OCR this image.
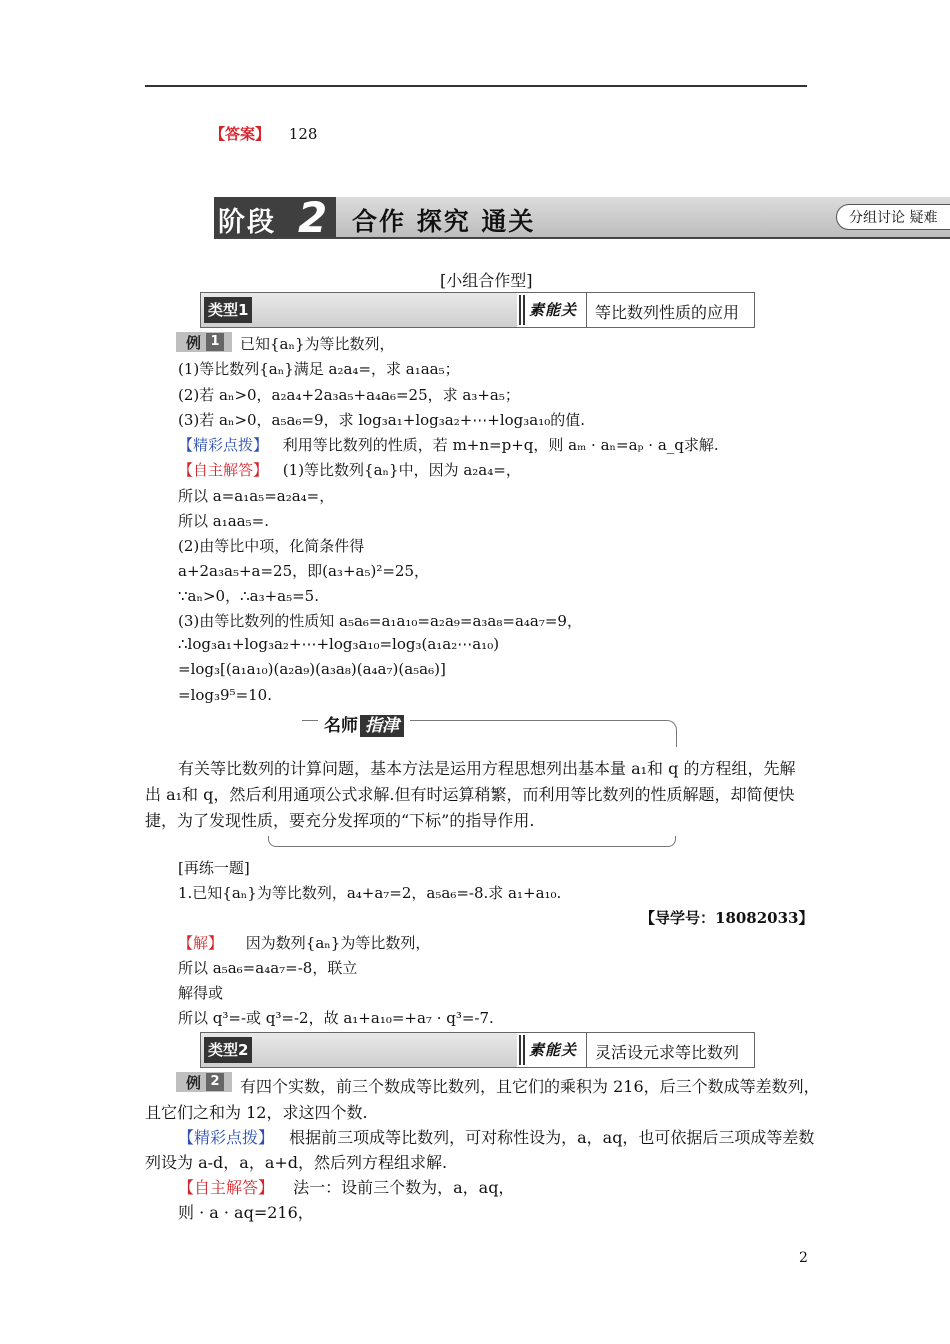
【答案】 128
阶段 2 合作 探究 通关	分组讨论 疑难
[小组合作型]
类型1	素能关 等比数列性质的应用
例 1 已知{aₙ}为等比数列，
(1)等比数列{aₙ}满足 a₂a₄=，求 a₁aa₅；
(2)若 aₙ>0，a₂a₄+2a₃a₅+a₄a₆=25，求 a₃+a₅；
(3)若 aₙ>0，a₅a₆=9，求 log₃a₁+log₃a₂+⋯+log₃a₁₀的值.
【精彩点拨】 利用等比数列的性质，若 m+n=p+q，则 aₘ · aₙ=aₚ · a_q求解.
【自主解答】 (1)等比数列{aₙ}中，因为 a₂a₄=，
所以 a=a₁a₅=a₂a₄=，
所以 a₁aa₅=.
(2)由等比中项，化简条件得
a+2a₃a₅+a=25，即(a₃+a₅)²=25，
∵aₙ>0，∴a₃+a₅=5.
(3)由等比数列的性质知 a₅a₆=a₁a₁₀=a₂a₉=a₃a₈=a₄a₇=9，
∴log₃a₁+log₃a₂+⋯+log₃a₁₀=log₃(a₁a₂⋯a₁₀)
=log₃[(a₁a₁₀)(a₂a₉)(a₃a₈)(a₄a₇)(a₅a₆)]
=log₃9⁵=10.
名师 指津
有关等比数列的计算问题，基本方法是运用方程思想列出基本量 a₁和 q 的方程组，先解
出 a₁和 q，然后利用通项公式求解.但有时运算稍繁，而利用等比数列的性质解题，却简便快
捷，为了发现性质，要充分发挥项的“下标”的指导作用.
[再练一题]
1.已知{aₙ}为等比数列，a₄+a₇=2，a₅a₆=-8.求 a₁+a₁₀.
【导学号：18082033】
【解】 因为数列{aₙ}为等比数列，
所以 a₅a₆=a₄a₇=-8，联立
解得或
所以 q³=-或 q³=-2，故 a₁+a₁₀=+a₇ · q³=-7.
类型2	素能关 灵活设元求等比数列
例 2 有四个实数，前三个数成等比数列，且它们的乘积为 216，后三个数成等差数列，
且它们之和为 12，求这四个数.
【精彩点拨】 根据前三项成等比数列，可对称性设为，a，aq，也可依据后三项成等差数
列设为 a-d，a，a+d，然后列方程组求解.
【自主解答】 法一：设前三个数为，a，aq，
则 · a · aq=216，
2
